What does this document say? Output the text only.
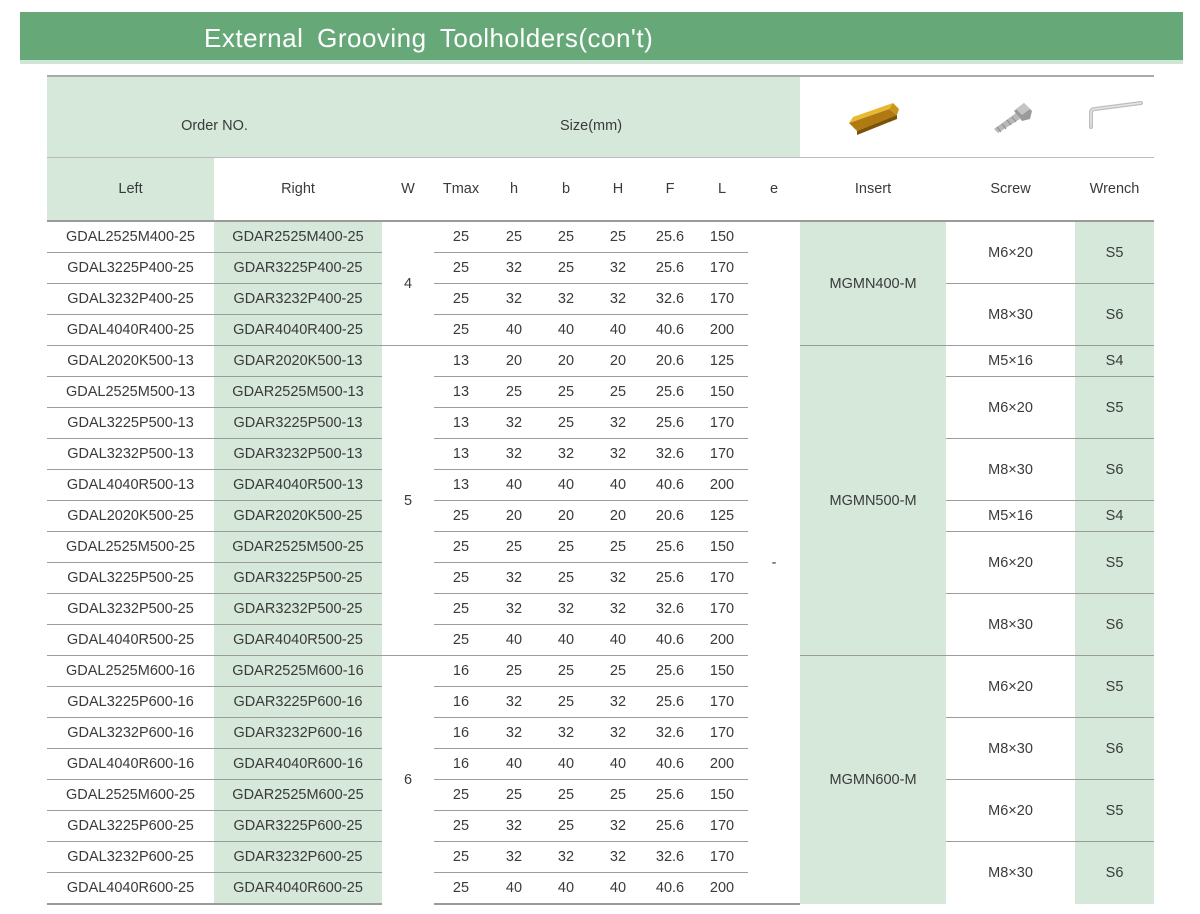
External Grooving Toolholders(con't)
Order NO.		Size(mm)	

Left	Right	W	Tmax	h	b	H	F	L	e	Insert	Screw	Wrench
GDAL2525M400-25	GDAR2525M400-25	4	25	25	25	25	25.6	150	-	MGMN400-M	M6×20	S5
GDAL3225P400-25	GDAR3225P400-25		25	32	25	32	25.6	170				
GDAL3232P400-25	GDAR3232P400-25		25	32	32	32	32.6	170			M8×30	S6
GDAL4040R400-25	GDAR4040R400-25		25	40	40	40	40.6	200				
GDAL2020K500-13	GDAR2020K500-13	5	13	20	20	20	20.6	125		MGMN500-M	M5×16	S4
GDAL2525M500-13	GDAR2525M500-13		13	25	25	25	25.6	150			M6×20	S5
GDAL3225P500-13	GDAR3225P500-13		13	32	25	32	25.6	170				
GDAL3232P500-13	GDAR3232P500-13		13	32	32	32	32.6	170			M8×30	S6
GDAL4040R500-13	GDAR4040R500-13		13	40	40	40	40.6	200				
GDAL2020K500-25	GDAR2020K500-25		25	20	20	20	20.6	125			M5×16	S4
GDAL2525M500-25	GDAR2525M500-25		25	25	25	25	25.6	150			M6×20	S5
GDAL3225P500-25	GDAR3225P500-25		25	32	25	32	25.6	170				
GDAL3232P500-25	GDAR3232P500-25		25	32	32	32	32.6	170			M8×30	S6
GDAL4040R500-25	GDAR4040R500-25		25	40	40	40	40.6	200				
GDAL2525M600-16	GDAR2525M600-16	6	16	25	25	25	25.6	150		MGMN600-M	M6×20	S5
GDAL3225P600-16	GDAR3225P600-16		16	32	25	32	25.6	170				
GDAL3232P600-16	GDAR3232P600-16		16	32	32	32	32.6	170			M8×30	S6
GDAL4040R600-16	GDAR4040R600-16		16	40	40	40	40.6	200				
GDAL2525M600-25	GDAR2525M600-25		25	25	25	25	25.6	150			M6×20	S5
GDAL3225P600-25	GDAR3225P600-25		25	32	25	32	25.6	170				
GDAL3232P600-25	GDAR3232P600-25		25	32	32	32	32.6	170			M8×30	S6
GDAL4040R600-25	GDAR4040R600-25		25	40	40	40	40.6	200				
